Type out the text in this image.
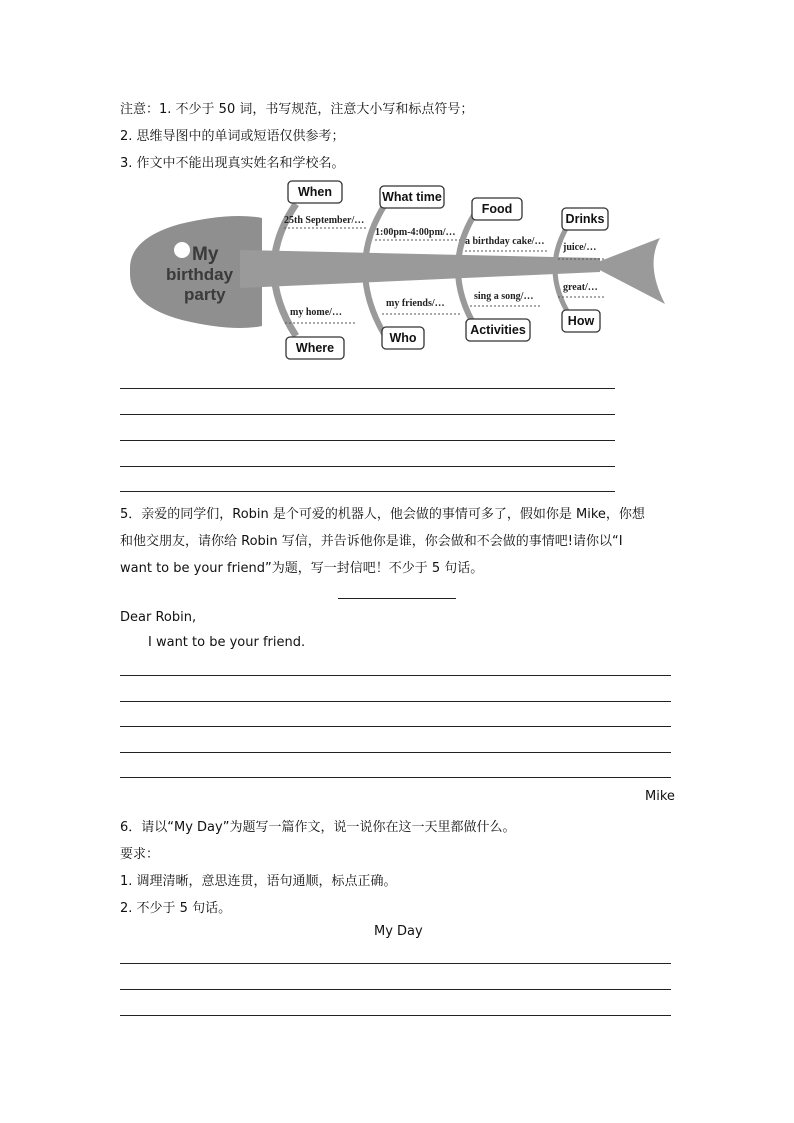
注意：1. 不少于 50 词，书写规范，注意大小写和标点符号；
2. 思维导图中的单词或短语仅供参考；
3. 作文中不能出现真实姓名和学校名。
My
birthday
party
When	What time
Food
Drinks
25th September/…
1:00pm-4:00pm/…
a birthday cake/…
juice/…
my home/…
my friends/…
sing a song/…
great/…
Where
Who
Activities
How
5．亲爱的同学们，Robin 是个可爱的机器人，他会做的事情可多了，假如你是 Mike，你想
和他交朋友，请你给 Robin 写信，并告诉他你是谁，你会做和不会做的事情吧!请你以“I
want to be your friend”为题，写一封信吧！不少于 5 句话。
Dear Robin,
I want to be your friend.
Mike
6．请以“My Day”为题写一篇作文，说一说你在这一天里都做什么。
要求：
1. 调理清晰，意思连贯，语句通顺，标点正确。
2. 不少于 5 句话。
My Day
